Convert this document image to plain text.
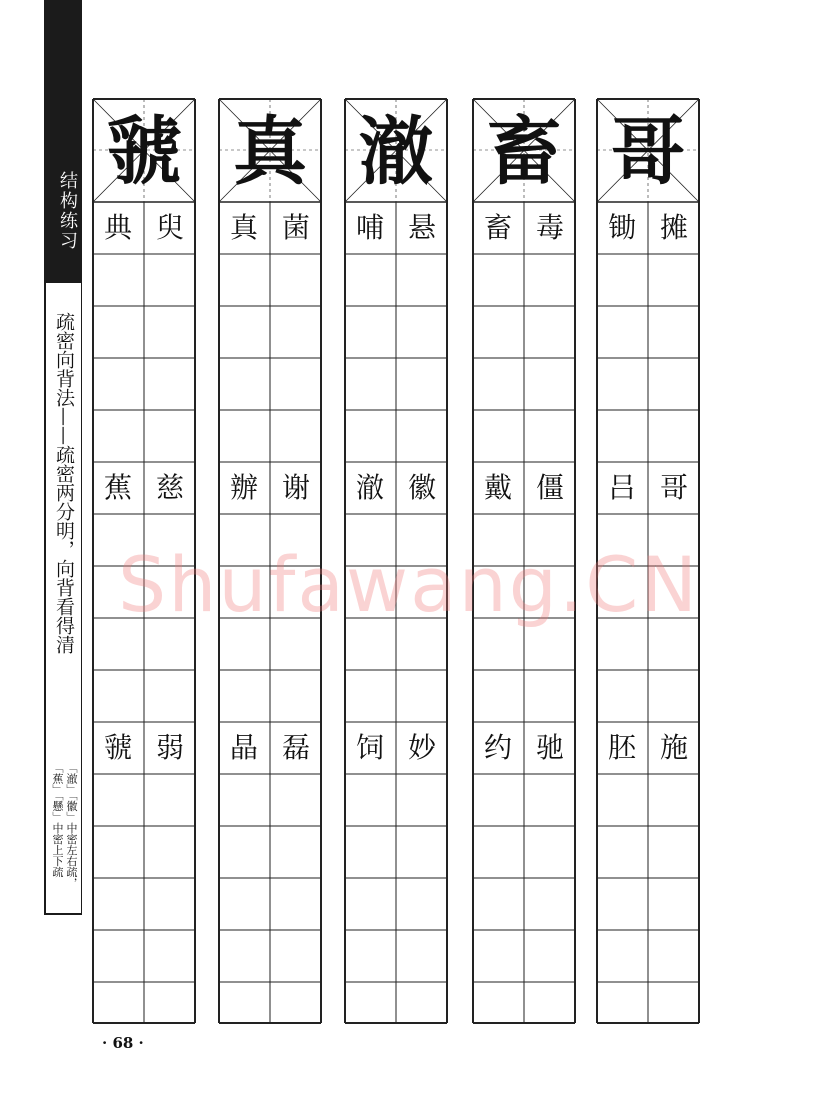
结构练习
疏密向背法——疏密两分明，向背看得清
「澈」「徽」中密左右疏，「蕉」「懸」中密上下疏
虢
典 臾
蕉 慈
虢 弱
真
真 菌
辦 谢
晶 磊
澈
哺 悬
澈 徽
饲 妙
畜
畜 毒
戴 僵
约 驰
哥
锄 摊
吕 哥
胚 施
Shufawang.CN
· 68 ·
